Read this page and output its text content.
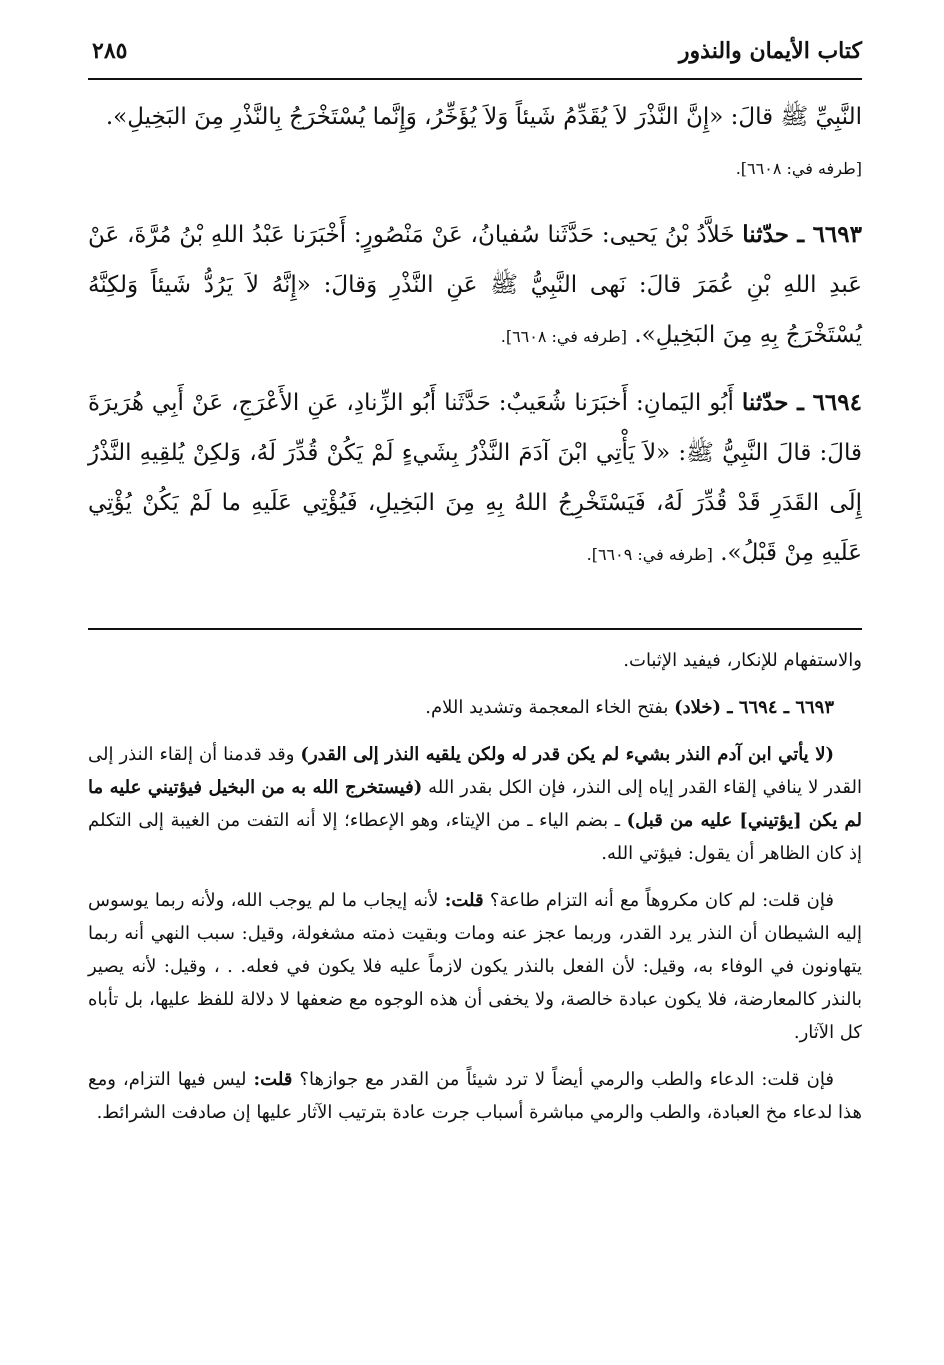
كتاب الأيمان والنذور
٢٨٥

النَّبِيِّ ﷺ قالَ: «إِنَّ النَّذْرَ لاَ يُقَدِّمُ شَيئاً وَلاَ يُؤَخِّرُ، وَإِنَّما يُسْتَخْرَجُ بِالنَّذْرِ مِنَ البَخِيلِ».
[طرفه في: ٦٦٠٨].

٦٦٩٣ ـ حدّثنا خَلاَّدُ بْنُ يَحيى: حَدَّثَنا سُفيانُ، عَنْ مَنْصُورٍ: أَخْبَرَنا عَبْدُ اللهِ بْنُ مُرَّةَ، عَنْ عَبدِ اللهِ بْنِ عُمَرَ قالَ: نَهى النَّبِيُّ ﷺ عَنِ النَّذْرِ وَقالَ: «إِنَّهُ لاَ يَرُدُّ شَيئاً وَلكِنَّهُ يُسْتَخْرَجُ بِهِ مِنَ البَخِيلِ». [طرفه في: ٦٦٠٨].

٦٦٩٤ ـ حدّثنا أَبُو اليَمانِ: أَخبَرَنا شُعَيبٌ: حَدَّثَنا أَبُو الزِّنادِ، عَنِ الأَعْرَجِ، عَنْ أَبِي هُرَيرَةَ قالَ: قالَ النَّبِيُّ ﷺ: «لاَ يَأْتِي ابْنَ آدَمَ النَّذْرُ بِشَيءٍ لَمْ يَكُنْ قُدِّرَ لَهُ، وَلكِنْ يُلقِيهِ النَّذْرُ إِلَى القَدَرِ قَدْ قُدِّرَ لَهُ، فَيَسْتَخْرِجُ اللهُ بِهِ مِنَ البَخِيلِ، فَيُؤْتِي عَلَيهِ ما لَمْ يَكُنْ يُؤْتِي عَلَيهِ مِنْ قَبْلُ». [طرفه في: ٦٦٠٩].

والاستفهام للإنكار، فيفيد الإثبات.

٦٦٩٣ ـ ٦٦٩٤ ـ (خلاد) بفتح الخاء المعجمة وتشديد اللام.

(لا يأتي ابن آدم النذر بشيء لم يكن قدر له ولكن يلقيه النذر إلى القدر) وقد قدمنا أن إلقاء النذر إلى القدر لا ينافي إلقاء القدر إياه إلى النذر، فإن الكل بقدر الله (فيستخرج الله به من البخيل فيؤتيني عليه ما لم يكن [يؤتيني] عليه من قبل) ـ بضم الياء ـ من الإيتاء، وهو الإعطاء؛ إلا أنه التفت من الغيبة إلى التكلم إذ كان الظاهر أن يقول: فيؤتي الله.

فإن قلت: لم كان مكروهاً مع أنه التزام طاعة؟ قلت: لأنه إيجاب ما لم يوجب الله، ولأنه ربما يوسوس إليه الشيطان أن النذر يرد القدر، وربما عجز عنه ومات وبقيت ذمته مشغولة، وقيل: سبب النهي أنه ربما يتهاونون في الوفاء به، وقيل: لأن الفعل بالنذر يكون لازماً عليه فلا يكون في فعله. . ، وقيل: لأنه يصير بالنذر كالمعارضة، فلا يكون عبادة خالصة، ولا يخفى أن هذه الوجوه مع ضعفها لا دلالة للفظ عليها، بل تأباه كل الآثار.

فإن قلت: الدعاء والطب والرمي أيضاً لا ترد شيئاً من القدر مع جوازها؟ قلت: ليس فيها التزام، ومع هذا لدعاء مخ العبادة، والطب والرمي مباشرة أسباب جرت عادة بترتيب الآثار عليها إن صادفت الشرائط.
